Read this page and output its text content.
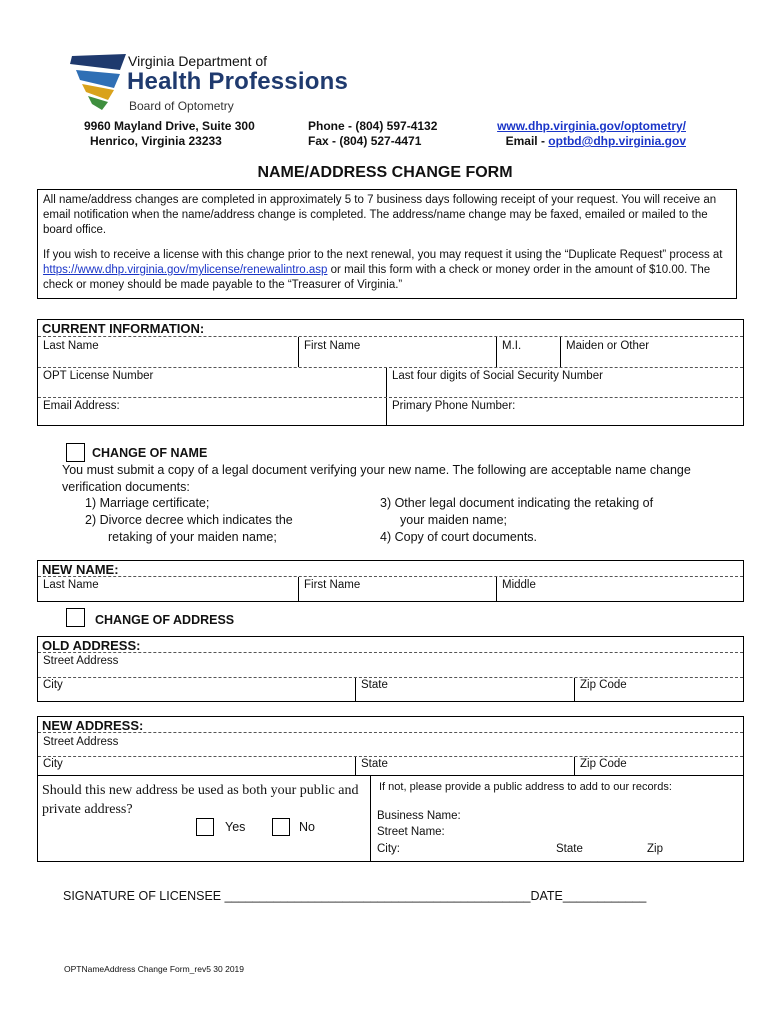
Virginia Department of
Health Professions
Board of Optometry
9960 Mayland Drive, Suite 300
Henrico, Virginia 23233
Phone - (804) 597-4132
Fax - (804) 527-4471
www.dhp.virginia.gov/optometry/
Email - optbd@dhp.virginia.gov
NAME/ADDRESS CHANGE FORM

All name/address changes are completed in approximately 5 to 7 business days following receipt of your request. You will receive an email notification when the name/address change is completed. The address/name change may be faxed, emailed or mailed to the board office.

If you wish to receive a license with this change prior to the next renewal, you may request it using the “Duplicate Request” process at https://www.dhp.virginia.gov/mylicense/renewalintro.asp or mail this form with a check or money order in the amount of $10.00. The check or money should be made payable to the “Treasurer of Virginia.”

CURRENT INFORMATION:
Last Name	First Name	M.I.	Maiden or Other
OPT License Number	Last four digits of Social Security Number
Email Address:	Primary Phone Number:
CHANGE OF NAME
You must submit a copy of a legal document verifying your new name. The following are acceptable name change verification documents:
1) Marriage certificate;
2) Divorce decree which indicates the
retaking of your maiden name;
3) Other legal document indicating the retaking of
your maiden name;
4) Copy of court documents.
NEW NAME:
Last Name	First Name	Middle
CHANGE OF ADDRESS
OLD ADDRESS:
Street Address
City	State	Zip Code
NEW ADDRESS:
Street Address
City	State	Zip Code
Should this new address be used as both your public and private address?
Yes	No
If not, please provide a public address to add to our records:
Business Name:
Street Name:
City:	State	Zip
SIGNATURE OF LICENSEE ____________________________________________DATE____________
OPTNameAddress Change Form_rev5 30 2019
